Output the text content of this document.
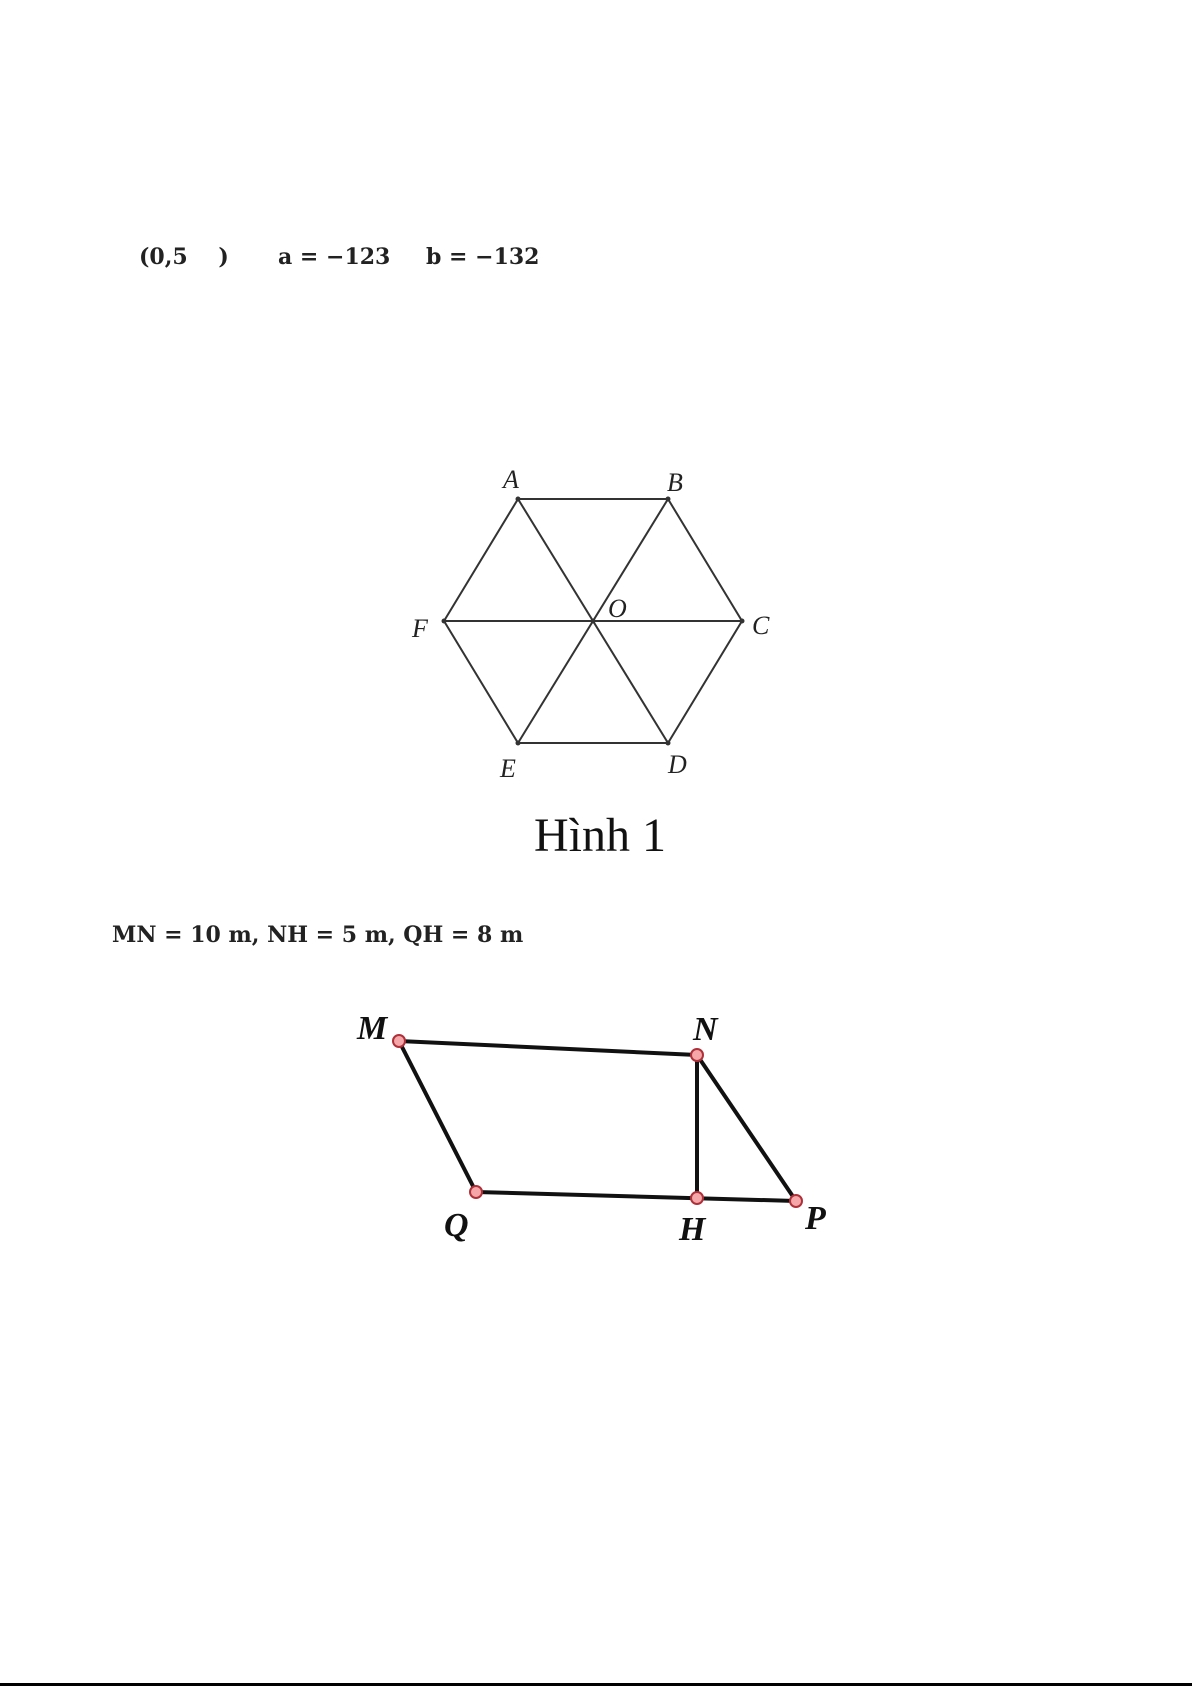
(0,5    ) a = −123 b = −132
A	B
C
D
E
F
O
Hình 1
MN = 10 m, NH = 5 m, QH = 8 m
M	N
P
Q	H
